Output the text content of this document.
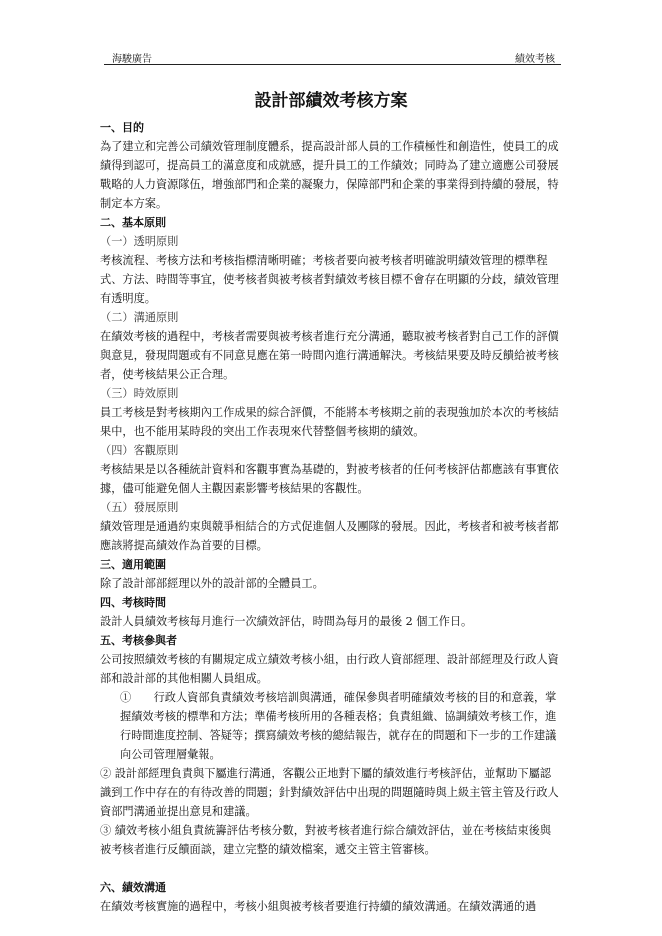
海駿廣告	績效考核
設計部績效考核方案
一、目的

為了建立和完善公司績效管理制度體系，提高設計部人員的工作積極性和創造性，使員工的成績得到認可，提高員工的滿意度和成就感，提升員工的工作績效；同時為了建立適應公司發展戰略的人力資源隊伍，增強部門和企業的凝聚力，保障部門和企業的事業得到持續的發展，特制定本方案。

二、基本原則

（一）透明原則

考核流程、考核方法和考核指標清晰明確；考核者要向被考核者明確說明績效管理的標準程式、方法、時間等事宜，使考核者與被考核者對績效考核目標不會存在明顯的分歧，績效管理有透明度。

（二）溝通原則

在績效考核的過程中，考核者需要與被考核者進行充分溝通，聽取被考核者對自己工作的評價與意見，發現問題或有不同意見應在第一時間內進行溝通解決。考核結果要及時反饋給被考核者，使考核結果公正合理。

（三）時效原則

員工考核是對考核期內工作成果的綜合評價，不能將本考核期之前的表現強加於本次的考核結果中，也不能用某時段的突出工作表現來代替整個考核期的績效。

（四）客觀原則

考核結果是以各種統計資料和客觀事實為基礎的，對被考核者的任何考核評估都應該有事實依據，儘可能避免個人主觀因素影響考核結果的客觀性。

（五）發展原則

績效管理是通過約束與競爭相結合的方式促進個人及團隊的發展。因此，考核者和被考核者都應該將提高績效作為首要的目標。

三、適用範圍

除了設計部部經理以外的設計部的全體員工。

四、考核時間

設計人員績效考核每月進行一次績效評估，時間為每月的最後 2 個工作日。

五、考核參與者

公司按照績效考核的有關規定成立績效考核小組，由行政人資部經理、設計部經理及行政人資部和設計部的其他相關人員組成。

①　　行政人資部負責績效考核培訓與溝通，確保參與者明確績效考核的目的和意義，掌握績效考核的標準和方法；準備考核所用的各種表格；負責組織、協調績效考核工作，進行時間進度控制、答疑等；撰寫績效考核的總結報告，就存在的問題和下一步的工作建議向公司管理層彙報。

② 設計部經理負責與下屬進行溝通，客觀公正地對下屬的績效進行考核評估，並幫助下屬認識到工作中存在的有待改善的問題；針對績效評估中出現的問題隨時與上級主管主管及行政人資部門溝通並提出意見和建議。

③ 績效考核小組負責統籌評估考核分數，對被考核者進行綜合績效評估，並在考核結束後與被考核者進行反饋面談，建立完整的績效檔案，遞交主管主管審核。

六、績效溝通

在績效考核實施的過程中，考核小組與被考核者要進行持續的績效溝通。在績效溝通的過
